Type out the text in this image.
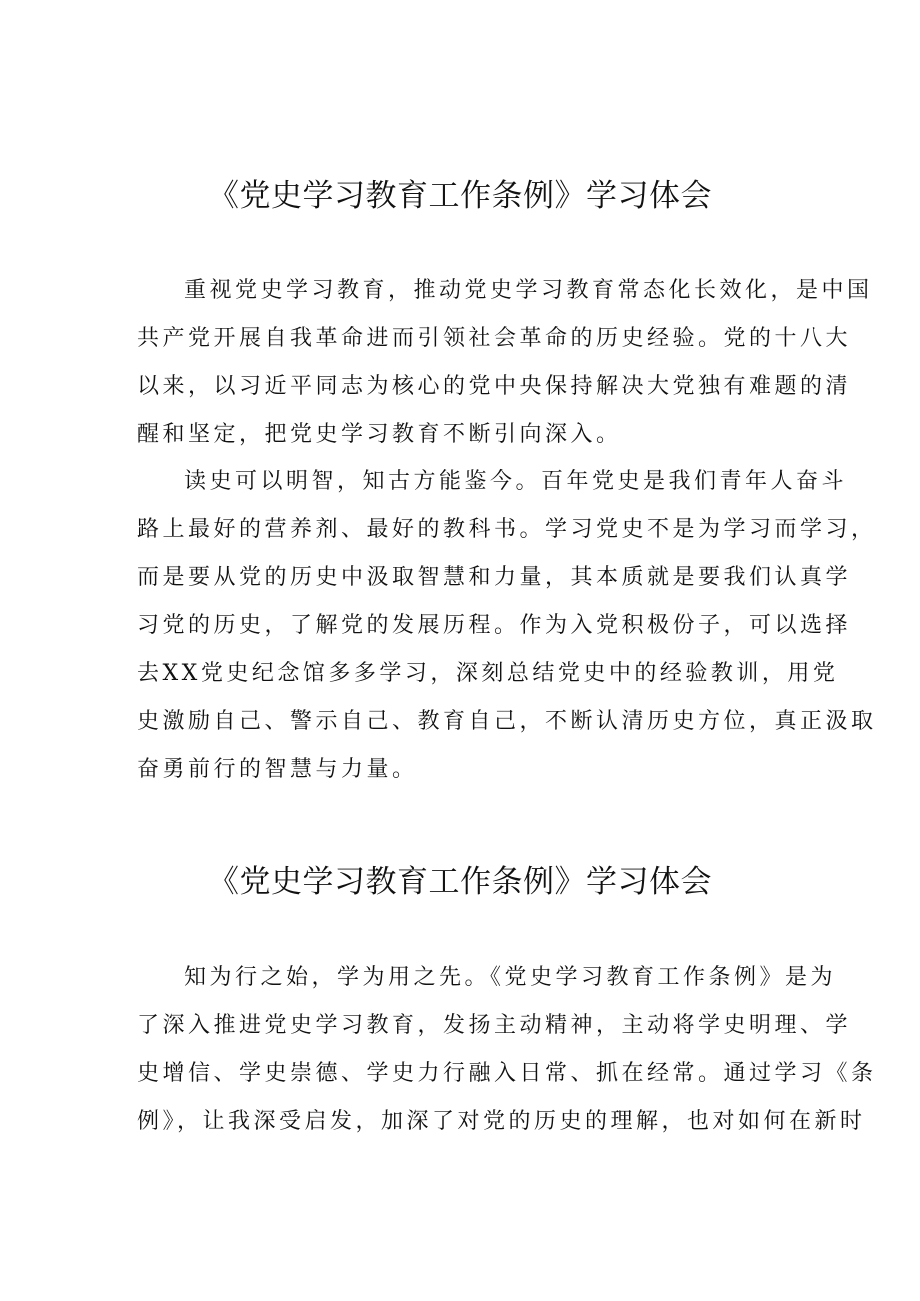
《党史学习教育工作条例》学习体会

重视党史学习教育，推动党史学习教育常态化长效化，是中国
共产党开展自我革命进而引领社会革命的历史经验。党的十八大
以来，以习近平同志为核心的党中央保持解决大党独有难题的清
醒和坚定，把党史学习教育不断引向深入。

读史可以明智，知古方能鉴今。百年党史是我们青年人奋斗
路上最好的营养剂、最好的教科书。学习党史不是为学习而学习，
而是要从党的历史中汲取智慧和力量，其本质就是要我们认真学
习党的历史，了解党的发展历程。作为入党积极份子，可以选择
去XX党史纪念馆多多学习，深刻总结党史中的经验教训，用党
史激励自己、警示自己、教育自己，不断认清历史方位，真正汲取
奋勇前行的智慧与力量。

《党史学习教育工作条例》学习体会

知为行之始，学为用之先。《党史学习教育工作条例》是为
了深入推进党史学习教育，发扬主动精神，主动将学史明理、学
史增信、学史崇德、学史力行融入日常、抓在经常。通过学习《条
例》，让我深受启发，加深了对党的历史的理解，也对如何在新时
